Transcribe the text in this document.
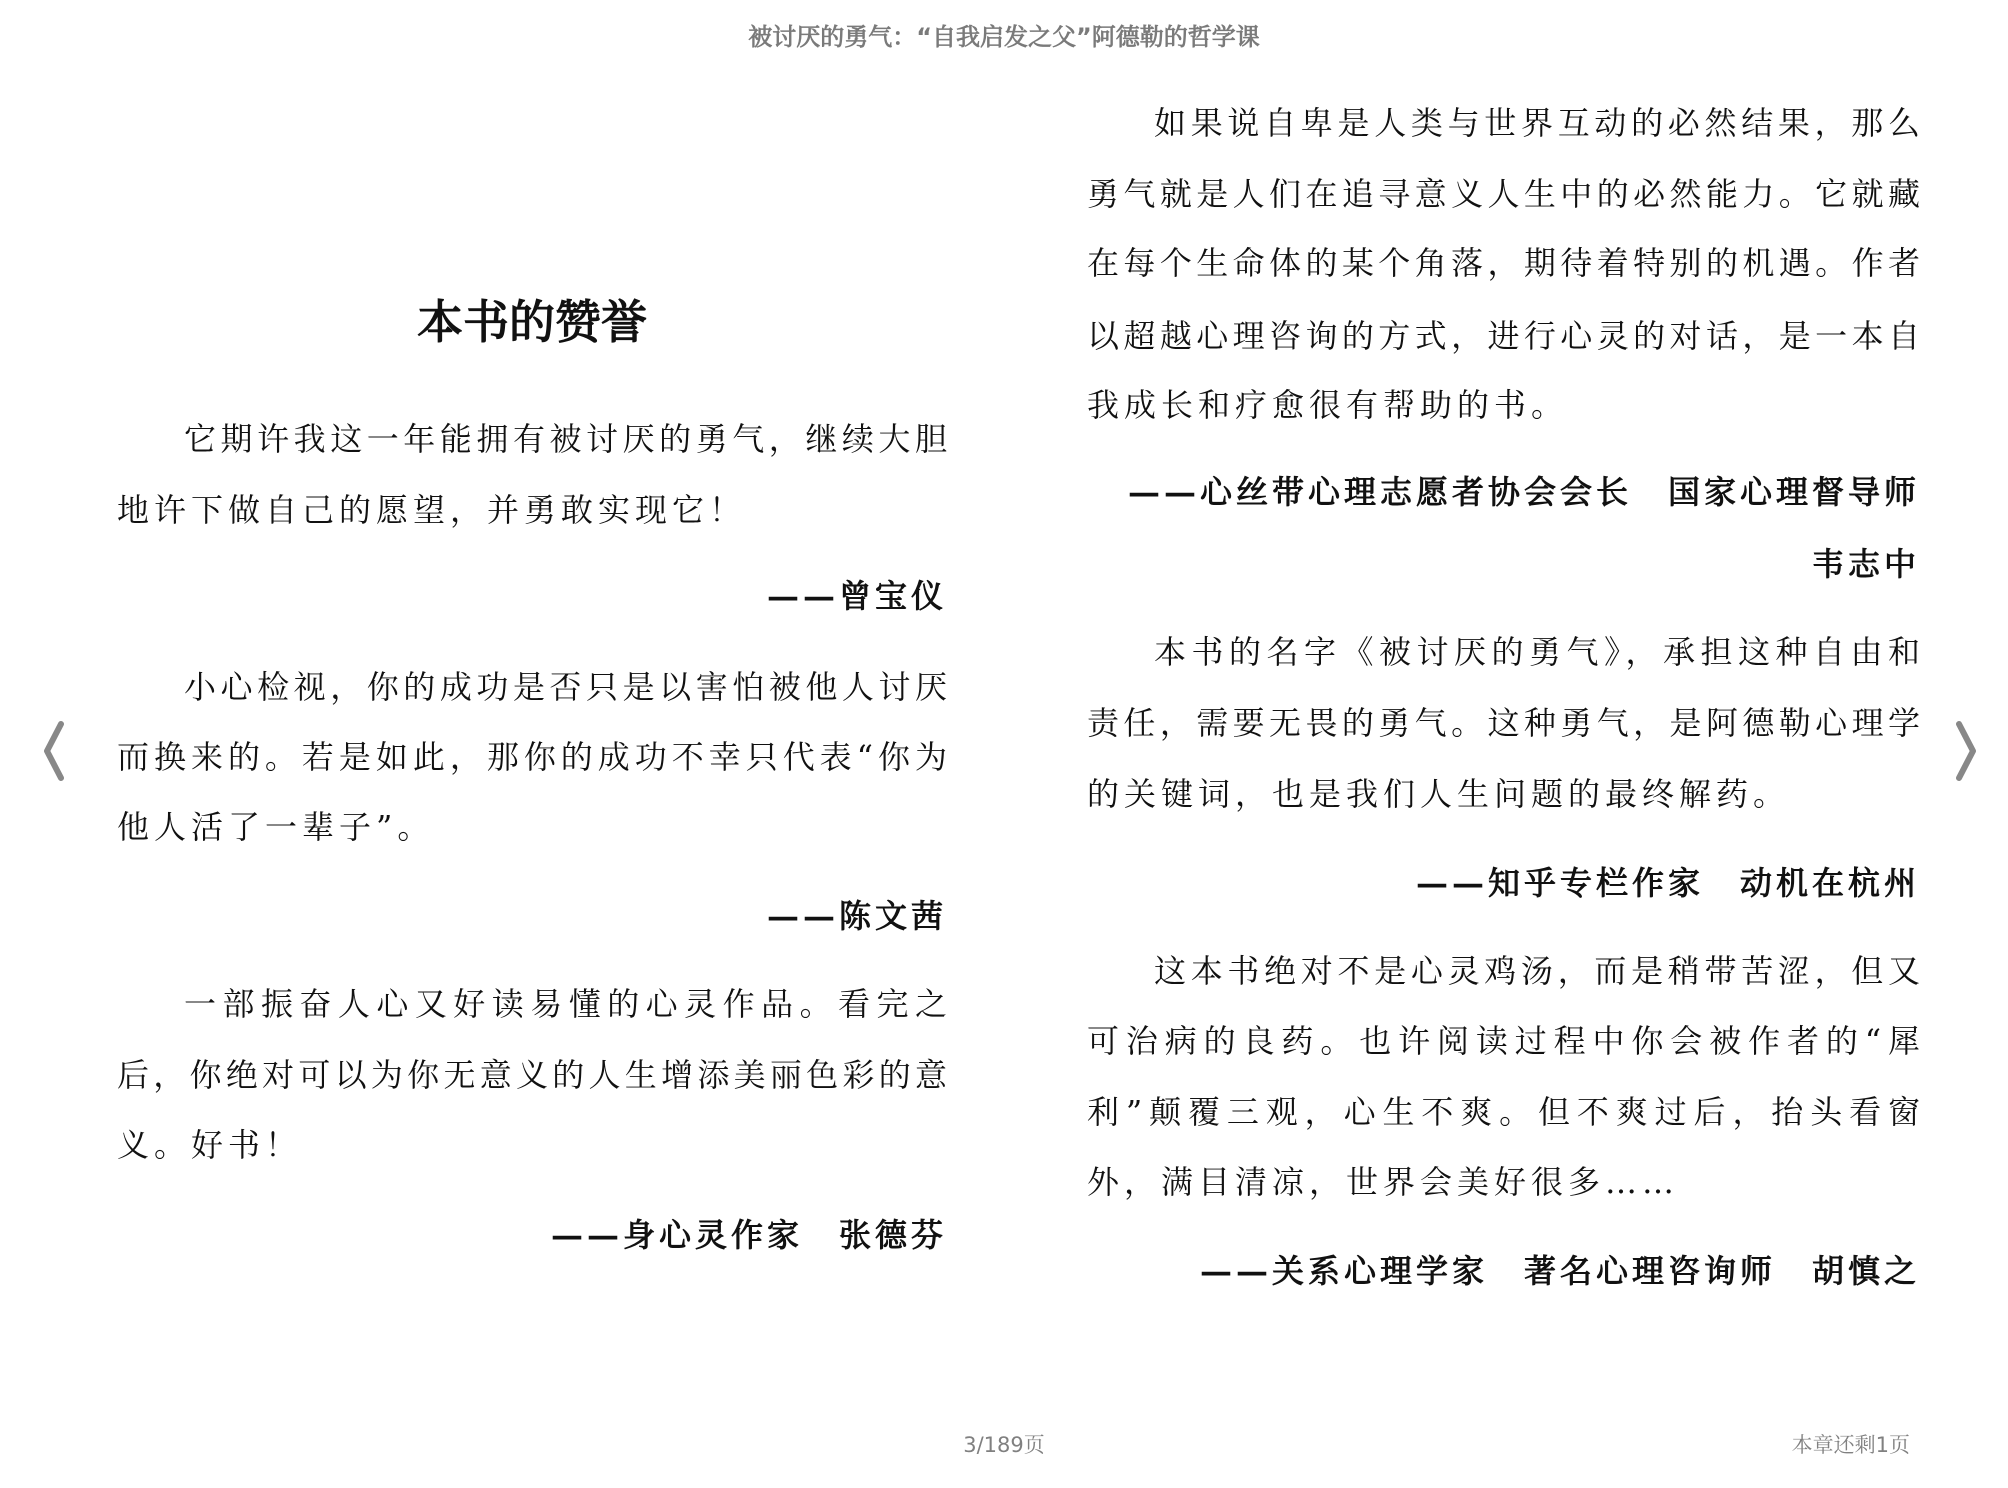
被讨厌的勇气：“自我启发之父”阿德勒的哲学课
本书的赞誉
它期许我这一年能拥有被讨厌的勇气，继续大胆
地许下做自己的愿望，并勇敢实现它！
——曾宝仪
小心检视，你的成功是否只是以害怕被他人讨厌
而换来的。若是如此，那你的成功不幸只代表“你为
他人活了一辈子”。
——陈文茜
一部振奋人心又好读易懂的心灵作品。看完之
后，你绝对可以为你无意义的人生增添美丽色彩的意
义。好书！
——身心灵作家　张德芬
如果说自卑是人类与世界互动的必然结果，那么
勇气就是人们在追寻意义人生中的必然能力。它就藏
在每个生命体的某个角落，期待着特别的机遇。作者
以超越心理咨询的方式，进行心灵的对话，是一本自
我成长和疗愈很有帮助的书。
——心丝带心理志愿者协会会长　国家心理督导师
韦志中
本书的名字《被讨厌的勇气》，承担这种自由和
责任，需要无畏的勇气。这种勇气，是阿德勒心理学
的关键词，也是我们人生问题的最终解药。
——知乎专栏作家　动机在杭州
这本书绝对不是心灵鸡汤，而是稍带苦涩，但又
可治病的良药。也许阅读过程中你会被作者的“犀
利”颠覆三观，心生不爽。但不爽过后，抬头看窗
外，满目清凉，世界会美好很多……
——关系心理学家　著名心理咨询师　胡慎之
3/189页	本章还剩1页
